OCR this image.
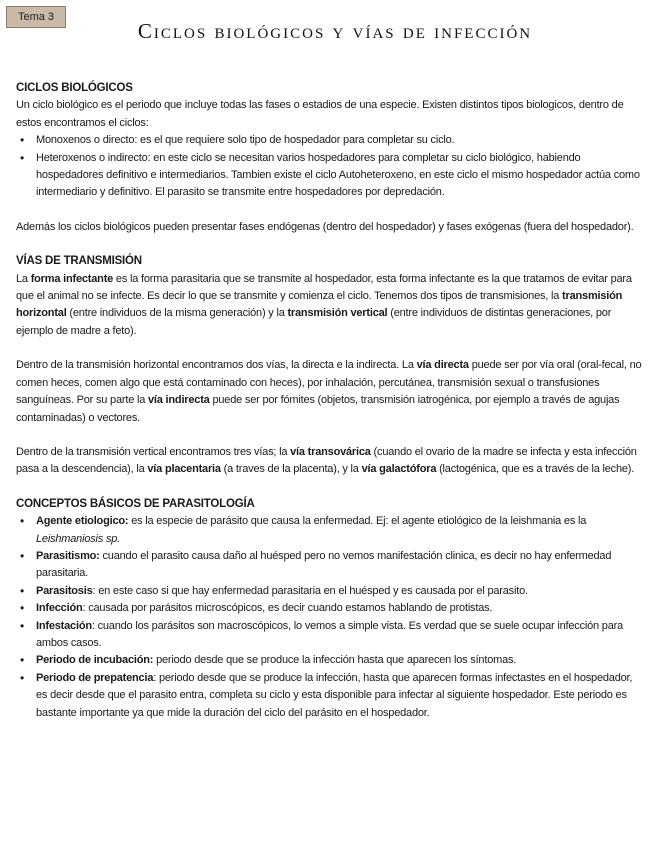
Tema 3
Ciclos biológicos y vías de infección

CICLOS BIOLÓGICOS

Un ciclo biológico es el periodo que incluye todas las fases o estadios de una especie. Existen distintos tipos biologicos, dentro de estos encontramos el ciclos:

• Monoxenos o directo: es el que requiere solo tipo de hospedador para completar su ciclo.
• Heteroxenos o indirecto: en este ciclo se necesitan varios hospedadores para completar su ciclo biológico, habiendo hospedadores definitivo e intermediarios. Tambien existe el ciclo Autoheteroxeno, en este ciclo el mismo hospedador actúa como intermediario y definitivo. El parasito se transmite entre hospedadores por depredación.

Además los ciclos biológicos pueden presentar fases endógenas (dentro del hospedador) y fases exógenas (fuera del hospedador).

VÍAS DE TRANSMISIÓN

La forma infectante es la forma parasitaria que se transmite al hospedador, esta forma infectante es la que tratamos de evitar para que el animal no se infecte. Es decir lo que se transmite y comienza el ciclo. Tenemos dos tipos de transmisiones, la transmisión horizontal (entre individuos de la misma generación) y la transmisión vertical (entre individuos de distintas generaciones, por ejemplo de madre a feto).

Dentro de la transmisión horizontal encontramos dos vías, la directa e la indirecta. La vía directa puede ser por vía oral (oral-fecal, no comen heces, comen algo que está contaminado con heces), por inhalación, percutánea, transmisión sexual o transfusiones sanguíneas. Por su parte la vía indirecta puede ser por fómites (objetos, transmisión iatrogénica, por ejemplo a través de agujas contaminadas) o vectores.

Dentro de la transmisión vertical encontramos tres vías; la vía transovárica (cuando el ovario de la madre se infecta y esta infección pasa a la descendencia), la vía placentaria (a traves de la placenta), y la vía galactófora (lactogénica, que es a través de la leche).

CONCEPTOS BÁSICOS DE PARASITOLOGÍA

• Agente etiologico: es la especie de parásito que causa la enfermedad. Ej: el agente etiológico de la leishmania es la Leishmaniosis sp.
• Parasitismo: cuando el parasito causa daño al huésped pero no vemos manifestación clinica, es decir no hay enfermedad parasitaria.
• Parasitosis: en este caso si que hay enfermedad parasitaria en el huésped y es causada por el parasito.
• Infección: causada por parásitos microscópicos, es decir cuando estamos hablando de protistas.
• Infestación: cuando los parásitos son macroscópicos, lo vemos a simple vista. Es verdad que se suele ocupar infección para ambos casos.
• Periodo de incubación: periodo desde que se produce la infección hasta que aparecen los síntomas.
• Periodo de prepatencia: periodo desde que se produce la infección, hasta que aparecen formas infectastes en el hospedador, es decir desde que el parasito entra, completa su ciclo y esta disponible para infectar al siguiente hospedador. Este periodo es bastante importante ya que mide la duración del ciclo del parásito en el hospedador.
